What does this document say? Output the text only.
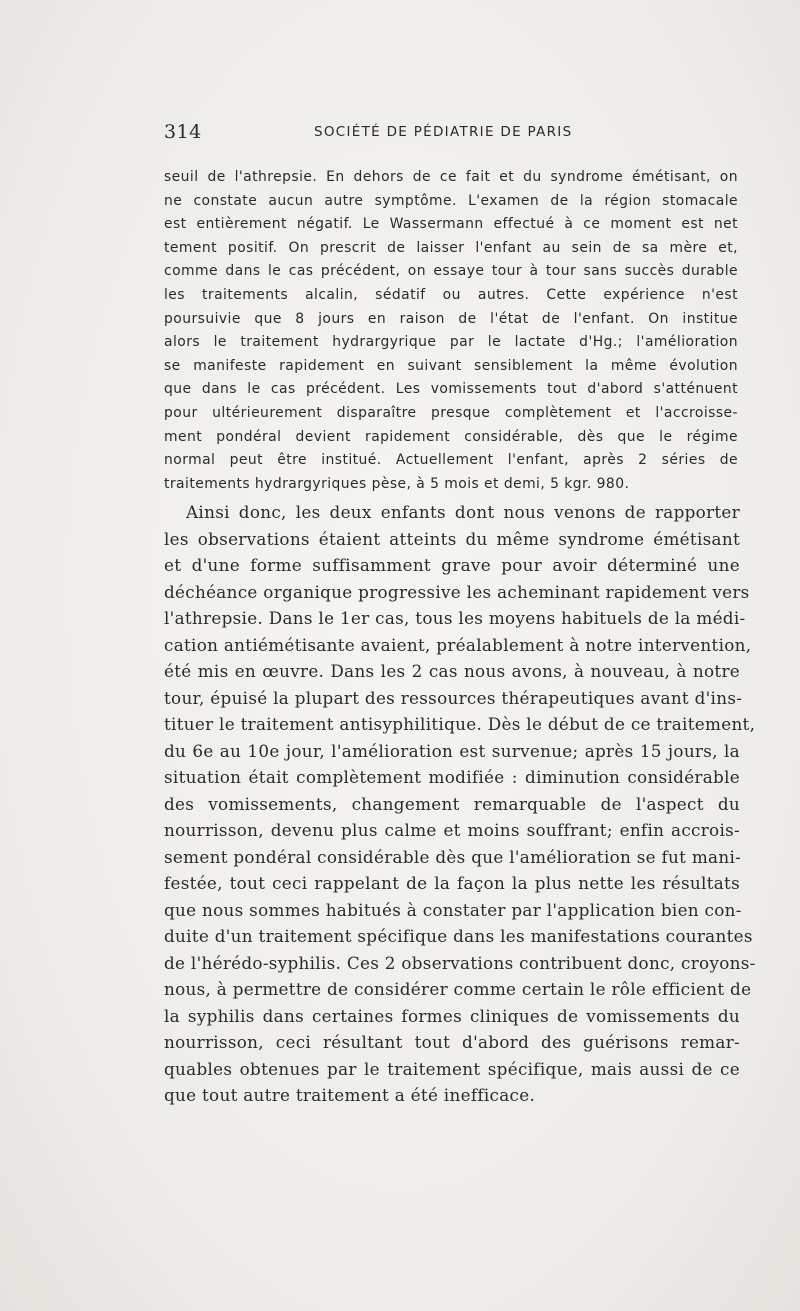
314	SOCIÉTÉ DE PÉDIATRIE DE PARIS

seuil de l'athrepsie. En dehors de ce fait et du syndrome émétisant, on
ne constate aucun autre symptôme. L'examen de la région stomacale
est entièrement négatif. Le Wassermann effectué à ce moment est net
tement positif. On prescrit de laisser l'enfant au sein de sa mère et,
comme dans le cas précédent, on essaye tour à tour sans succès durable
les traitements alcalin, sédatif ou autres. Cette expérience n'est
poursuivie que 8 jours en raison de l'état de l'enfant. On institue
alors le traitement hydrargyrique par le lactate d'Hg.; l'amélioration
se manifeste rapidement en suivant sensiblement la même évolution
que dans le cas précédent. Les vomissements tout d'abord s'atténuent
pour ultérieurement disparaître presque complètement et l'accroisse-
ment pondéral devient rapidement considérable, dès que le régime
normal peut être institué. Actuellement l'enfant, après 2 séries de
traitements hydrargyriques pèse, à 5 mois et demi, 5 kgr. 980.

Ainsi donc, les deux enfants dont nous venons de rapporter
les observations étaient atteints du même syndrome émétisant
et d'une forme suffisamment grave pour avoir déterminé une
déchéance organique progressive les acheminant rapidement vers
l'athrepsie. Dans le 1er cas, tous les moyens habituels de la médi-
cation antiémétisante avaient, préalablement à notre intervention,
été mis en œuvre. Dans les 2 cas nous avons, à nouveau, à notre
tour, épuisé la plupart des ressources thérapeutiques avant d'ins-
tituer le traitement antisyphilitique. Dès le début de ce traitement,
du 6e au 10e jour, l'amélioration est survenue; après 15 jours, la
situation était complètement modifiée : diminution considérable
des vomissements, changement remarquable de l'aspect du
nourrisson, devenu plus calme et moins souffrant; enfin accrois-
sement pondéral considérable dès que l'amélioration se fut mani-
festée, tout ceci rappelant de la façon la plus nette les résultats
que nous sommes habitués à constater par l'application bien con-
duite d'un traitement spécifique dans les manifestations courantes
de l'hérédo-syphilis. Ces 2 observations contribuent donc, croyons-
nous, à permettre de considérer comme certain le rôle efficient de
la syphilis dans certaines formes cliniques de vomissements du
nourrisson, ceci résultant tout d'abord des guérisons remar-
quables obtenues par le traitement spécifique, mais aussi de ce
que tout autre traitement a été inefficace.
